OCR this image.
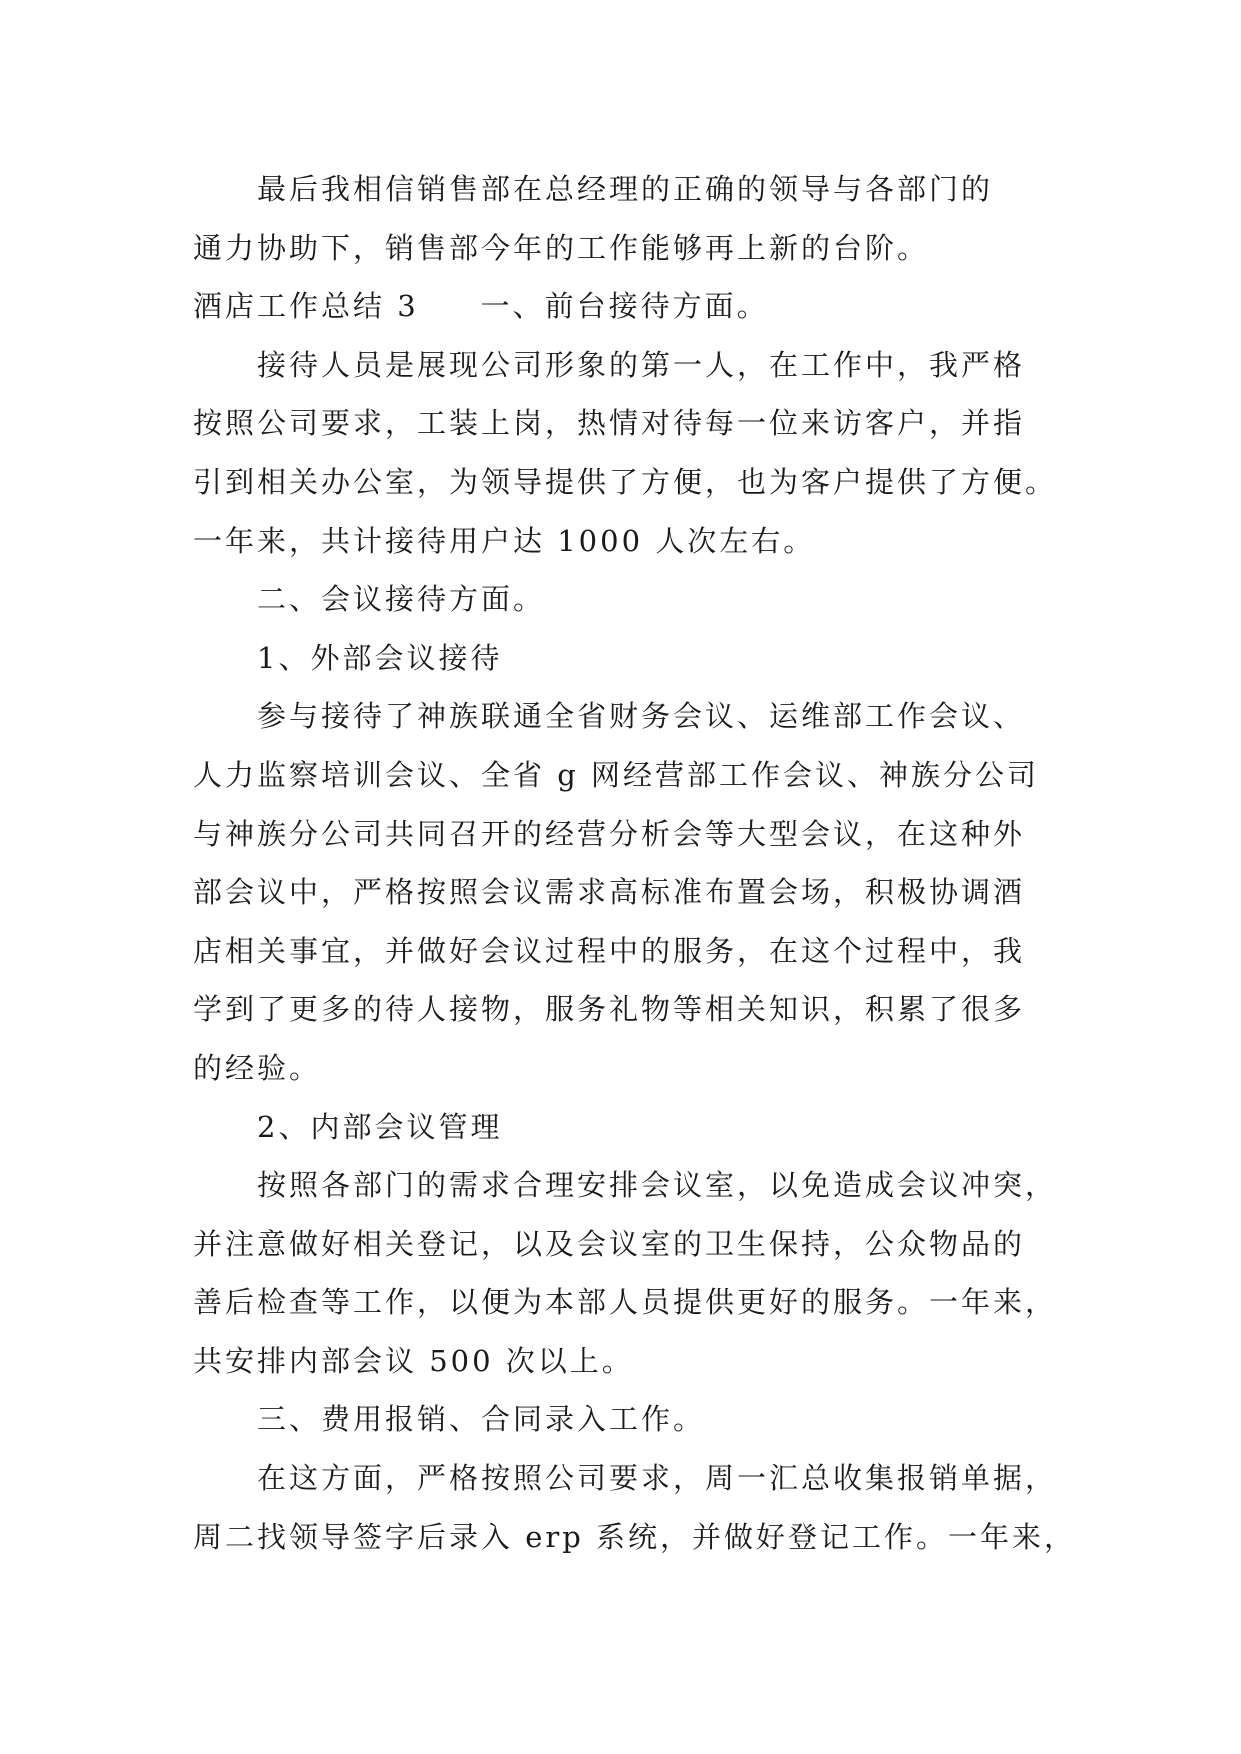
最后我相信销售部在总经理的正确的领导与各部门的
通力协助下，销售部今年的工作能够再上新的台阶。
酒店工作总结 3 一、前台接待方面。
接待人员是展现公司形象的第一人，在工作中，我严格
按照公司要求，工装上岗，热情对待每一位来访客户，并指
引到相关办公室，为领导提供了方便，也为客户提供了方便。
一年来，共计接待用户达 1000 人次左右。
二、会议接待方面。
1、外部会议接待
参与接待了神族联通全省财务会议、运维部工作会议、
人力监察培训会议、全省 g 网经营部工作会议、神族分公司
与神族分公司共同召开的经营分析会等大型会议，在这种外
部会议中，严格按照会议需求高标准布置会场，积极协调酒
店相关事宜，并做好会议过程中的服务，在这个过程中，我
学到了更多的待人接物，服务礼物等相关知识，积累了很多
的经验。
2、内部会议管理
按照各部门的需求合理安排会议室，以免造成会议冲突，
并注意做好相关登记，以及会议室的卫生保持，公众物品的
善后检查等工作，以便为本部人员提供更好的服务。一年来，
共安排内部会议 500 次以上。
三、费用报销、合同录入工作。
在这方面，严格按照公司要求，周一汇总收集报销单据，
周二找领导签字后录入 erp 系统，并做好登记工作。一年来，
